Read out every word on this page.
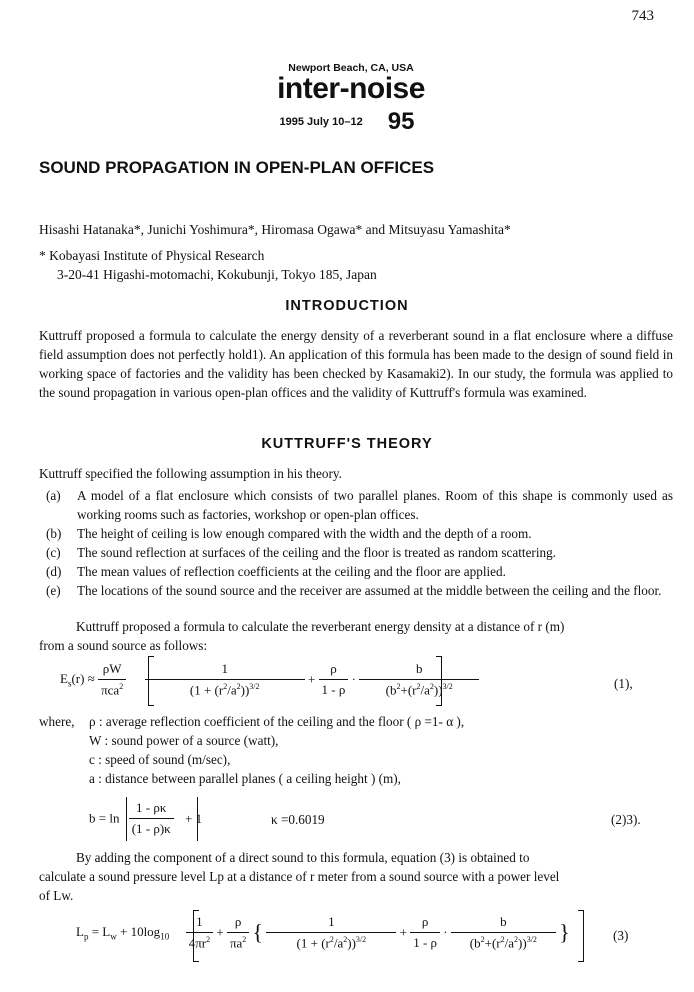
743
Newport Beach, CA, USA
inter-noise
1995 July 10–12 95
SOUND PROPAGATION IN OPEN-PLAN OFFICES
Hisashi Hatanaka*, Junichi Yoshimura*, Hiromasa Ogawa* and Mitsuyasu Yamashita*
* Kobayasi Institute of Physical Research
3-20-41 Higashi-motomachi, Kokubunji, Tokyo 185, Japan
INTRODUCTION
Kuttruff proposed a formula to calculate the energy density of a reverberant sound in a flat enclosure where a diffuse field assumption does not perfectly hold1). An application of this formula has been made to the design of sound field in working space of factories and the validity has been checked by Kasamaki2). In our study, the formula was applied to the sound propagation in various open-plan offices and the validity of Kuttruff's formula was examined.
KUTTRUFF'S THEORY
Kuttruff specified the following assumption in his theory.
(a) A model of a flat enclosure which consists of two parallel planes. Room of this shape is commonly used as working rooms such as factories, workshop or open-plan offices.
(b) The height of ceiling is low enough compared with the width and the depth of a room.
(c) The sound reflection at surfaces of the ceiling and the floor is treated as random scattering.
(d) The mean values of reflection coefficients at the ceiling and the floor are applied.
(e) The locations of the sound source and the receiver are assumed at the middle between the ceiling and the floor.
Kuttruff proposed a formula to calculate the reverberant energy density at a distance of r (m)
from a sound source as follows:
$E_s(r) \approx \frac{\rho W}{\pi ca^2}$
$\frac{1}{(1 + (r^2/a^2))^{3/2}} + \frac{\rho}{1 - \rho} \cdot \frac{b}{(b^2+(r^2/a^2))^{3/2}}$	(1),
where, ρ : average reflection coefficient of the ceiling and the floor ( ρ =1- α ),
W : sound power of a source (watt),
c : speed of sound (m/sec),
a : distance between parallel planes ( a ceiling height ) (m),
$b = \ln \frac{1 - \rho\kappa}{(1 - \rho)\kappa} + 1$	κ =0.6019	(2)3).
By adding the component of a direct sound to this formula, equation (3) is obtained to
calculate a sound pressure level Lp at a distance of r meter from a sound source with a power level
of Lw.
$L_p = L_w + 10\log_{10} \frac{1}{4\pi r^2} + \frac{\rho}{\pi a^2}$ { $\frac{1}{(1 + (r^2/a^2))^{3/2}} + \frac{\rho}{1 - \rho} \cdot \frac{b}{(b^2+(r^2/a^2))^{3/2}}$ }	(3)
